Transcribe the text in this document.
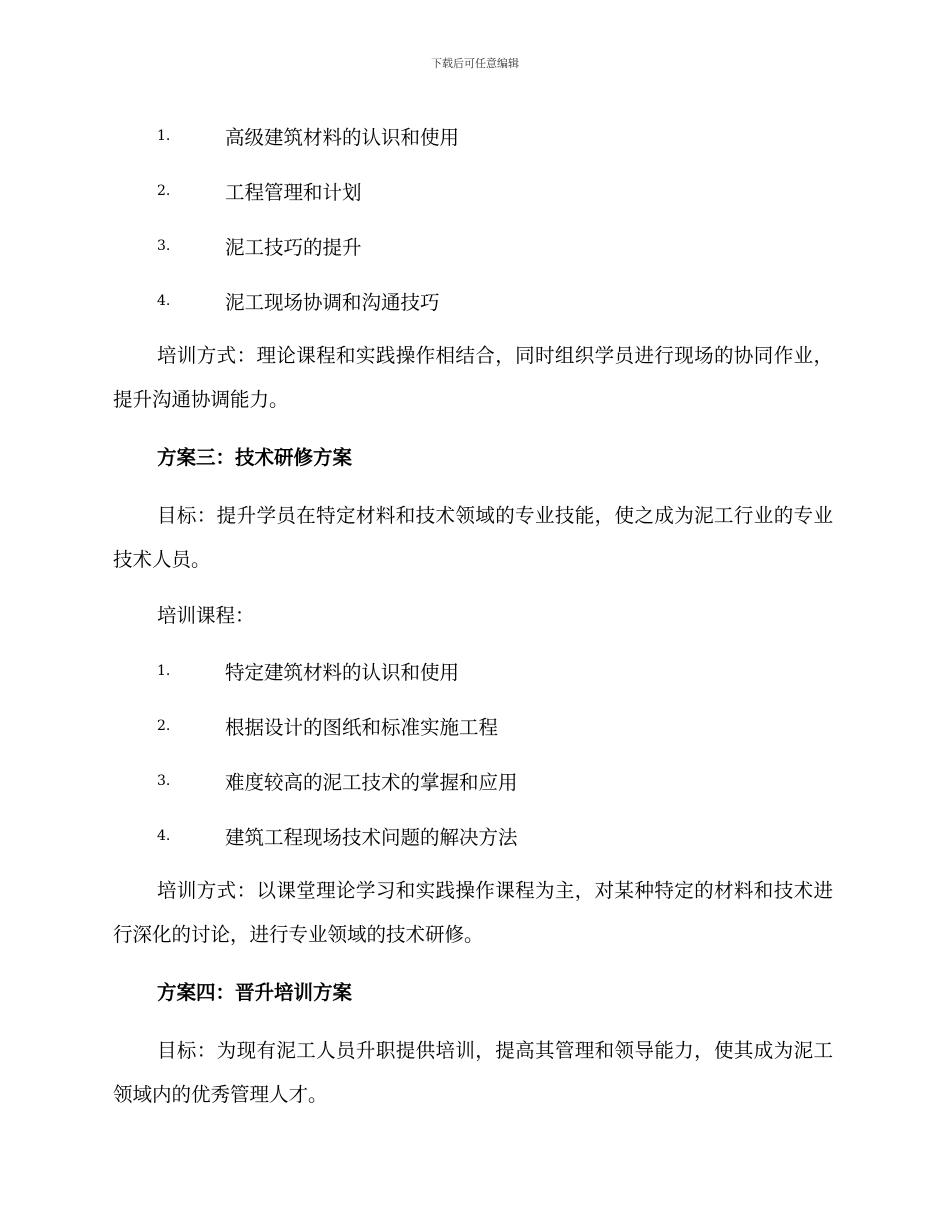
下载后可任意编辑
1.	高级建筑材料的认识和使用
2.	工程管理和计划
3.	泥工技巧的提升
4.	泥工现场协调和沟通技巧

培训方式：理论课程和实践操作相结合，同时组织学员进行现场的协同作业，提升沟通协调能力。

方案三：技术研修方案

目标：提升学员在特定材料和技术领域的专业技能，使之成为泥工行业的专业技术人员。

培训课程：

1.	特定建筑材料的认识和使用
2.	根据设计的图纸和标准实施工程
3.	难度较高的泥工技术的掌握和应用
4.	建筑工程现场技术问题的解决方法

培训方式：以课堂理论学习和实践操作课程为主，对某种特定的材料和技术进行深化的讨论，进行专业领域的技术研修。

方案四：晋升培训方案

目标：为现有泥工人员升职提供培训，提高其管理和领导能力，使其成为泥工领域内的优秀管理人才。
